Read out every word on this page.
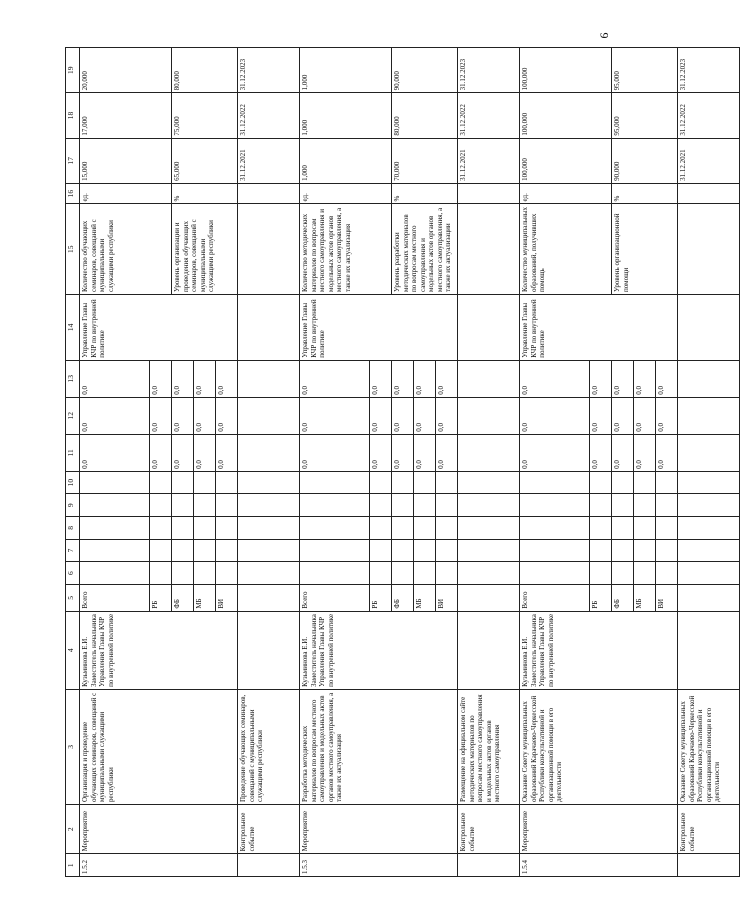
9
1	2	3	4	5	6	7	8	9	10	11	12	13	14	15	16	17	18	19
1.5.2	Мероприятие	Организация и проведение обучающих семинаров, совещаний с муниципальными служащими республики	Кузьминова Е.И. Заместитель начальника Управления Главы КЧР по внутренней политике	Всего						0,0	0,0	0,0	Управление Главы КЧР по внутренней политике	Количество обучающих семинаров, совещаний с муниципальными служащими республики	ед.	15,000	17,000	20,000
				РБ						0,0	0,0	0,0						
				ФБ						0,0	0,0	0,0		Уровень организации и проведения обучающих семинаров, совещаний с муниципальными служащими республики	%	65,000	75,000	80,000
				МБ						0,0	0,0	0,0						
				ВИ						0,0	0,0	0,0						
	Контрольное событие	Проведение обучающих семинаров, совещаний с муниципальными служащими республики														31.12.2021	31.12.2022	31.12.2023
1.5.3	Мероприятие	Разработка методических материалов по вопросам местного самоуправления и модельных актов органов местного самоуправления, а также их актуализация	Кузьминова Е.И. Заместитель начальника Управления Главы КЧР по внутренней политике	Всего						0,0	0,0	0,0	Управление Главы КЧР по внутренней политике	Количество методических материалов по вопросам местного самоуправления и модельных актов органов местного самоуправления, а также их актуализация	ед.	1,000	1,000	1,000
				РБ						0,0	0,0	0,0						
				ФБ						0,0	0,0	0,0		Уровень разработки методических материалов по вопросам местного самоуправления и модельных актов органов местного самоуправления, а также их актуализации	%	70,000	80,000	90,000
				МБ						0,0	0,0	0,0						
				ВИ						0,0	0,0	0,0						
	Контрольное событие	Размещение на официальном сайте методических материалов по вопросам местного самоуправления и модельных актов органов местного самоуправления														31.12.2021	31.12.2022	31.12.2023
1.5.4	Мероприятие	Оказание Совету муниципальных образований Карачаево-Черкесской Республики консультативной и организационной помощи в его деятельности	Кузьминова Е.И. Заместитель начальника Управления Главы КЧР по внутренней политике	Всего						0,0	0,0	0,0	Управление Главы КЧР по внутренней политике	Количество муниципальных образований, получивших помощь	ед.	100,000	100,000	100,000
				РБ						0,0	0,0	0,0						
				ФБ						0,0	0,0	0,0		Уровень организационной помощи	%	90,000	95,000	95,000
				МБ						0,0	0,0	0,0						
				ВИ						0,0	0,0	0,0						
	Контрольное событие	Оказание Совету муниципальных образований Карачаево-Черкесской Республики консультативной и организационной помощи в его деятельности														31.12.2021	31.12.2022	31.12.2023
